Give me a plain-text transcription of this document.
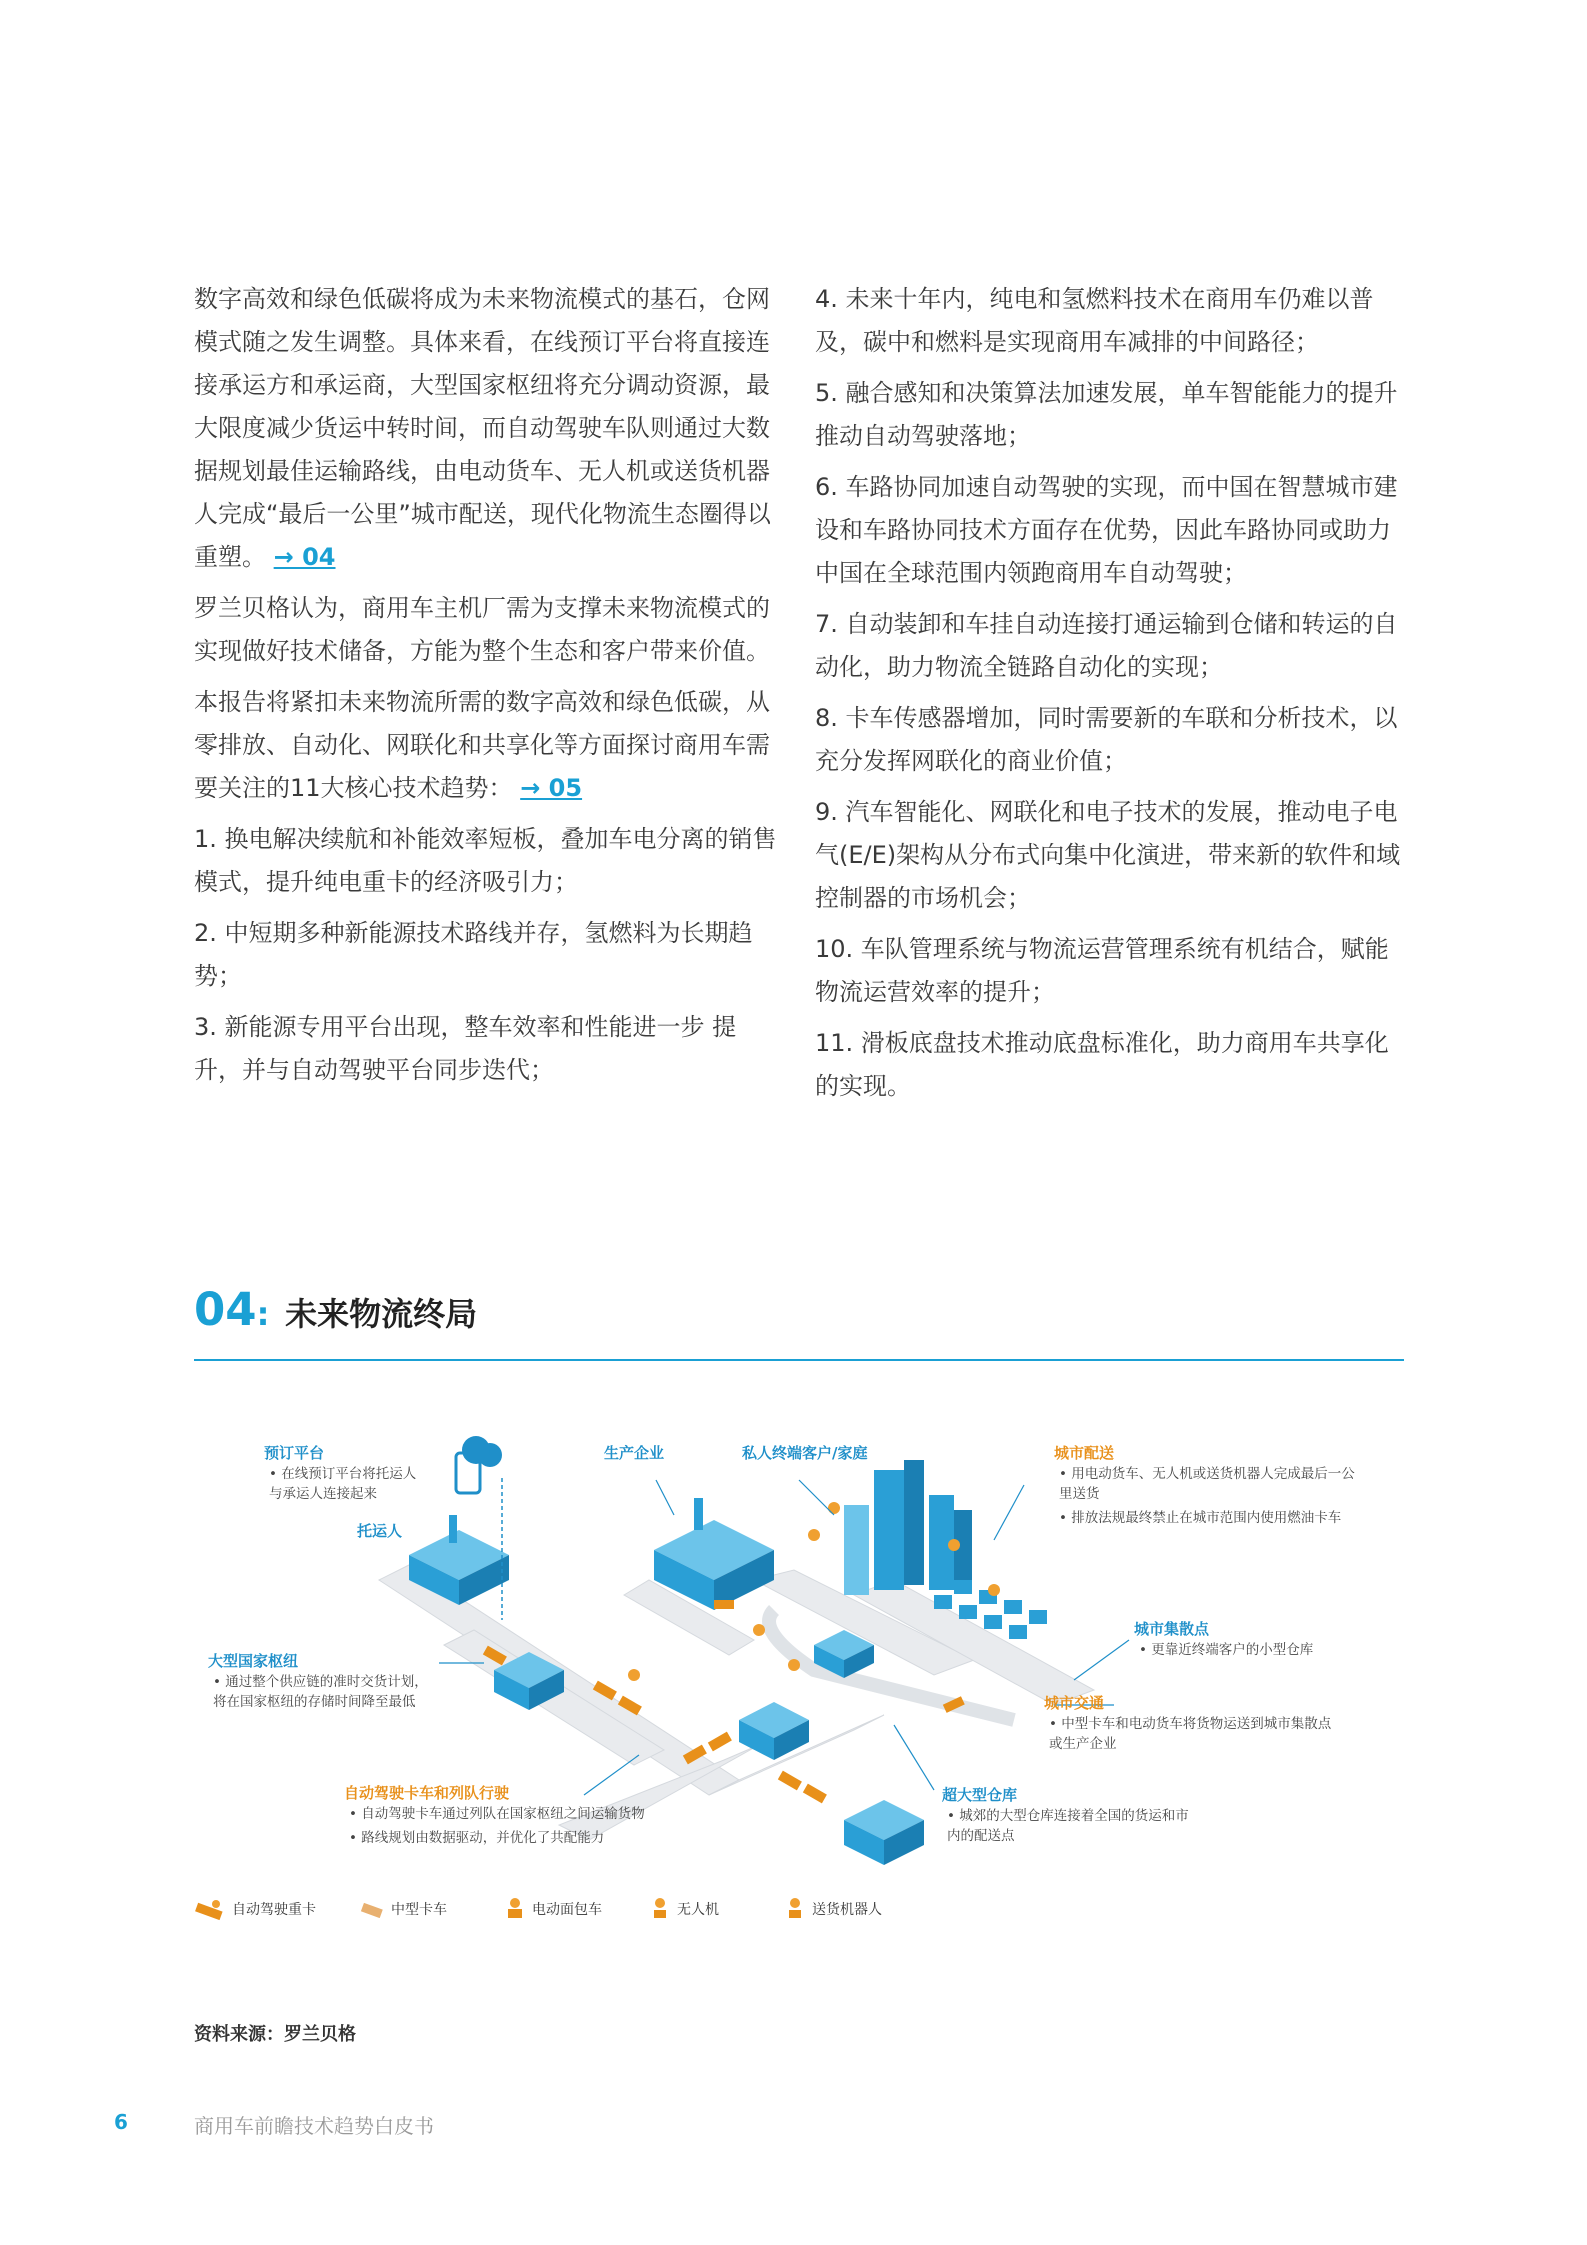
数字高效和绿色低碳将成为未来物流模式的基石，仓网模式随之发生调整。具体来看，在线预订平台将直接连接承运方和承运商，大型国家枢纽将充分调动资源，最大限度减少货运中转时间，而自动驾驶车队则通过大数据规划最佳运输路线，由电动货车、无人机或送货机器人完成“最后一公里”城市配送，现代化物流生态圈得以重塑。 → 04

罗兰贝格认为，商用车主机厂需为支撑未来物流模式的实现做好技术储备，方能为整个生态和客户带来价值。

本报告将紧扣未来物流所需的数字高效和绿色低碳，从零排放、自动化、网联化和共享化等方面探讨商用车需要关注的11大核心技术趋势： → 05

1. 换电解决续航和补能效率短板，叠加车电分离的销售模式，提升纯电重卡的经济吸引力；

2. 中短期多种新能源技术路线并存，氢燃料为长期趋势；

3. 新能源专用平台出现，整车效率和性能进一步 提升，并与自动驾驶平台同步迭代；

4. 未来十年内，纯电和氢燃料技术在商用车仍难以普及，碳中和燃料是实现商用车减排的中间路径；

5. 融合感知和决策算法加速发展，单车智能能力的提升推动自动驾驶落地；

6. 车路协同加速自动驾驶的实现，而中国在智慧城市建设和车路协同技术方面存在优势，因此车路协同或助力中国在全球范围内领跑商用车自动驾驶；

7. 自动装卸和车挂自动连接打通运输到仓储和转运的自动化，助力物流全链路自动化的实现；

8. 卡车传感器增加，同时需要新的车联和分析技术，以充分发挥网联化的商业价值；

9. 汽车智能化、网联化和电子技术的发展，推动电子电气(E/E)架构从分布式向集中化演进，带来新的软件和域控制器的市场机会；

10. 车队管理系统与物流运营管理系统有机结合，赋能物流运营效率的提升；

11. 滑板底盘技术推动底盘标准化，助力商用车共享化的实现。

04: 未来物流终局
预订平台
• 在线预订平台将托运人
与承运人连接起来
托运人
生产企业	私人终端客户/家庭	城市配送
• 用电动货车、无人机或送货机器人完成最后一公
里送货
• 排放法规最终禁止在城市范围内使用燃油卡车
城市集散点
• 更靠近终端客户的小型仓库
大型国家枢纽
• 通过整个供应链的准时交货计划，
将在国家枢纽的存储时间降至最低	城市交通
• 中型卡车和电动货车将货物运送到城市集散点
或生产企业
自动驾驶卡车和列队行驶
• 自动驾驶卡车通过列队在国家枢纽之间运输货物
• 路线规划由数据驱动，并优化了共配能力
超大型仓库
• 城郊的大型仓库连接着全国的货运和市
内的配送点
自动驾驶重卡	中型卡车	电动面包车	无人机	送货机器人
资料来源：罗兰贝格
6	商用车前瞻技术趋势白皮书
